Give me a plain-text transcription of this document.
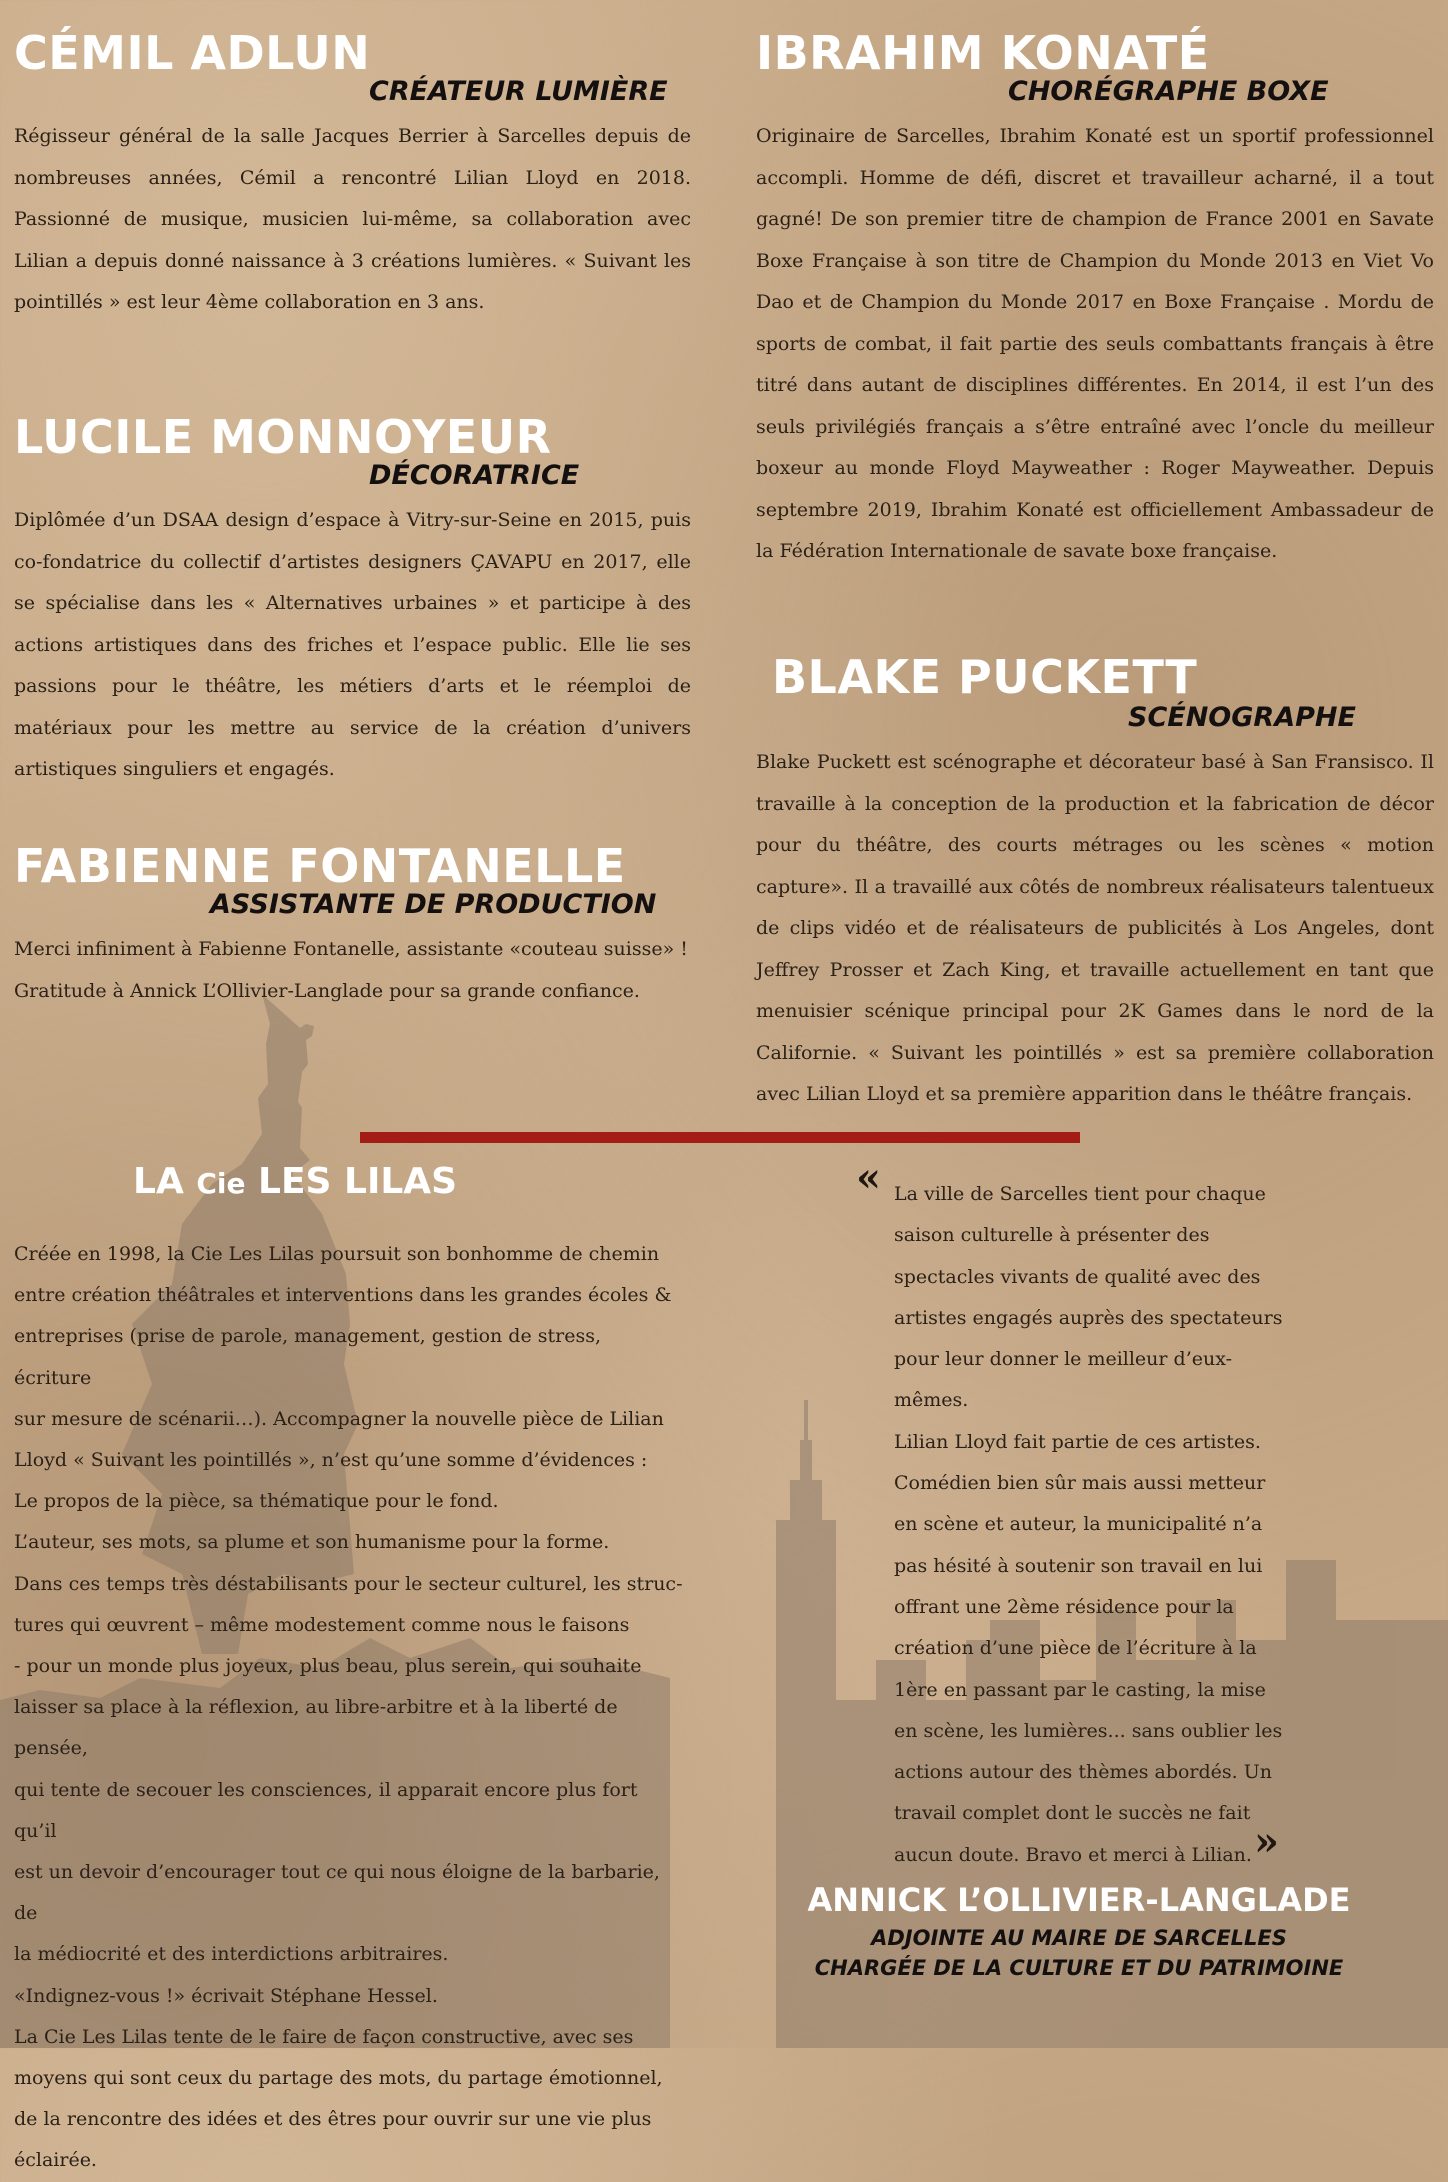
CÉMIL ADLUN
CRÉATEUR LUMIÈRE

Régisseur général de la salle Jacques Berrier à Sarcelles depuis de nombreuses années, Cémil a rencontré Lilian Lloyd en 2018. Passionné de musique, musicien lui-même, sa collaboration avec Lilian a depuis donné naissance à 3 créations lumières. « Suivant les pointillés » est leur 4ème collaboration en 3 ans.

LUCILE MONNOYEUR
DÉCORATRICE

Diplômée d’un DSAA design d’espace à Vitry-sur-Seine en 2015, puis co-fondatrice du collectif d’artistes designers ÇAVAPU en 2017, elle se spécialise dans les « Alternatives urbaines » et participe à des actions artistiques dans des friches et l’espace public. Elle lie ses passions pour le théâtre, les métiers d’arts et le réemploi de matériaux pour les mettre au service de la création d’univers artistiques singuliers et engagés.

FABIENNE FONTANELLE
ASSISTANTE DE PRODUCTION
Merci infiniment à Fabienne Fontanelle, assistante «couteau suisse» !
Gratitude à Annick L’Ollivier-Langlade pour sa grande confiance.
IBRAHIM KONATÉ
CHORÉGRAPHE BOXE

Originaire de Sarcelles, Ibrahim Konaté est un sportif professionnel accompli. Homme de défi, discret et travailleur acharné, il a tout gagné! De son premier titre de champion de France 2001 en Savate Boxe Française à son titre de Champion du Monde 2013 en Viet Vo Dao et de Champion du Monde 2017 en Boxe Française . Mordu de sports de combat, il fait partie des seuls combattants français à être titré dans autant de disciplines différentes. En 2014, il est l’un des seuls privilégiés français a s’être entraîné avec l’oncle du meilleur boxeur au monde Floyd Mayweather : Roger Mayweather. Depuis septembre 2019, Ibrahim Konaté est officiellement Ambassadeur de la Fédération Internationale de savate boxe française.

BLAKE PUCKETT
SCÉNOGRAPHE

Blake Puckett est scénographe et décorateur basé à San Fransisco. Il travaille à la conception de la production et la fabrication de décor pour du théâtre, des courts métrages ou les scènes « motion capture». Il a travaillé aux côtés de nombreux réalisateurs talentueux de clips vidéo et de réalisateurs de publicités à Los Angeles, dont Jeffrey Prosser et Zach King, et travaille actuellement en tant que menuisier scénique principal pour 2K Games dans le nord de la Californie. « Suivant les pointillés » est sa première collaboration avec Lilian Lloyd et sa première apparition dans le théâtre français.

LA Cie LES LILAS

Créée en 1998, la Cie Les Lilas poursuit son bonhomme de chemin

entre création théâtrales et interventions dans les grandes écoles &

entreprises (prise de parole, management, gestion de stress, écriture

sur mesure de scénarii…). Accompagner la nouvelle pièce de Lilian

Lloyd « Suivant les pointillés », n’est qu’une somme d’évidences :

Le propos de la pièce, sa thématique pour le fond.

L’auteur, ses mots, sa plume et son humanisme pour la forme.

Dans ces temps très déstabilisants pour le secteur culturel, les struc-

tures qui œuvrent – même modestement comme nous le faisons

- pour un monde plus joyeux, plus beau, plus serein, qui souhaite

laisser sa place à la réflexion, au libre-arbitre et à la liberté de pensée,

qui tente de secouer les consciences, il apparait encore plus fort qu’il

est un devoir d’encourager tout ce qui nous éloigne de la barbarie, de

la médiocrité et des interdictions arbitraires.

«Indignez-vous !» écrivait Stéphane Hessel.

La Cie Les Lilas tente de le faire de façon constructive, avec ses

moyens qui sont ceux du partage des mots, du partage émotionnel,

de la rencontre des idées et des êtres pour ouvrir sur une vie plus

éclairée.

« La ville de Sarcelles tient pour chaque

saison culturelle à présenter des

spectacles vivants de qualité avec des

artistes engagés auprès des spectateurs

pour leur donner le meilleur d’eux-

mêmes.

Lilian Lloyd fait partie de ces artistes.

Comédien bien sûr mais aussi metteur

en scène et auteur, la municipalité n’a

pas hésité à soutenir son travail en lui

offrant une 2ème résidence pour la

création d’une pièce de l’écriture à la

1ère en passant par le casting, la mise

en scène, les lumières... sans oublier les

actions autour des thèmes abordés. Un

travail complet dont le succès ne fait

aucun doute. Bravo et merci à Lilian. »
ANNICK L’OLLIVIER-LANGLADE
ADJOINTE AU MAIRE DE SARCELLES
CHARGÉE DE LA CULTURE ET DU PATRIMOINE
